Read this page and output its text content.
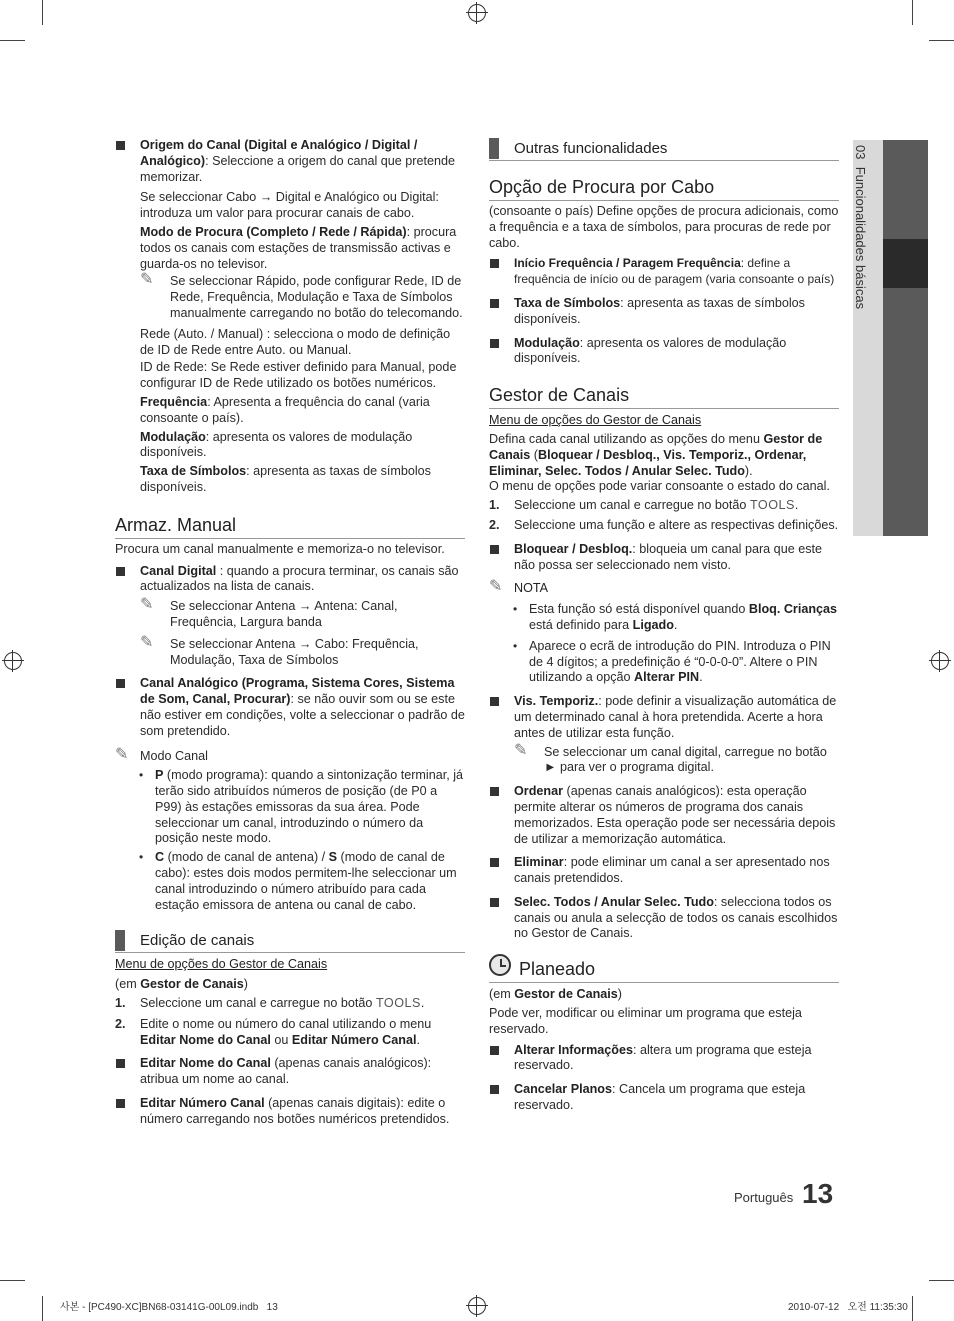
03  Funcionalidades básicas
Origem do Canal (Digital e Analógico / Digital / Analógico): Seleccione a origem do canal que pretende memorizar.

Se seleccionar Cabo → Digital e Analógico ou Digital: introduza um valor para procurar canais de cabo.

Modo de Procura (Completo / Rede / Rápida): procura todos os canais com estações de transmissão activas e guarda-os no televisor.

✎ Se seleccionar Rápido, pode configurar Rede, ID de Rede, Frequência, Modulação e Taxa de Símbolos manualmente carregando no botão do telecomando.

Rede (Auto. / Manual) : selecciona o modo de definição de ID de Rede entre Auto. ou Manual.

ID de Rede: Se Rede estiver definido para Manual, pode configurar ID de Rede utilizado os botões numéricos.

Frequência: Apresenta a frequência do canal (varia consoante o país).

Modulação: apresenta os valores de modulação disponíveis.

Taxa de Símbolos: apresenta as taxas de símbolos disponíveis.

Armaz. Manual

Procura um canal manualmente e memoriza-o no televisor.

Canal Digital : quando a procura terminar, os canais são actualizados na lista de canais.
✎ Se seleccionar Antena → Antena: Canal, Frequência, Largura banda
✎ Se seleccionar Antena → Cabo: Frequência, Modulação, Taxa de Símbolos
Canal Analógico (Programa, Sistema Cores, Sistema de Som, Canal, Procurar): se não ouvir som ou se este não estiver em condições, volte a seleccionar o padrão de som pretendido.
✎ Modo Canal
• P (modo programa): quando a sintonização terminar, já terão sido atribuídos números de posição (de P0 a P99) às estações emissoras da sua área. Pode seleccionar um canal, introduzindo o número da posição neste modo.
• C (modo de canal de antena) / S (modo de canal de cabo): estes dois modos permitem-lhe seleccionar um canal introduzindo o número atribuído para cada estação emissora de antena ou canal de cabo.
Edição de canais

Menu de opções do Gestor de Canais

(em Gestor de Canais)

1. Seleccione um canal e carregue no botão TOOLS.
2. Edite o nome ou número do canal utilizando o menu Editar Nome do Canal ou Editar Número Canal.
Editar Nome do Canal (apenas canais analógicos): atribua um nome ao canal.
Editar Número Canal (apenas canais digitais): edite o número carregando nos botões numéricos pretendidos.
Outras funcionalidades
Opção de Procura por Cabo

(consoante o país) Define opções de procura adicionais, como a frequência e a taxa de símbolos, para procuras de rede por cabo.

Início Frequência / Paragem Frequência: define a frequência de início ou de paragem (varia consoante o país)
Taxa de Símbolos: apresenta as taxas de símbolos disponíveis.
Modulação: apresenta os valores de modulação disponíveis.
Gestor de Canais

Menu de opções do Gestor de Canais

Defina cada canal utilizando as opções do menu Gestor de Canais (Bloquear / Desbloq., Vis. Temporiz., Ordenar, Eliminar, Selec. Todos / Anular Selec. Tudo).

O menu de opções pode variar consoante o estado do canal.

1. Seleccione um canal e carregue no botão TOOLS.
2. Seleccione uma função e altere as respectivas definições.
Bloquear / Desbloq.: bloqueia um canal para que este não possa ser seleccionado nem visto.
✎ NOTA
• Esta função só está disponível quando Bloq. Crianças está definido para Ligado.
• Aparece o ecrã de introdução do PIN. Introduza o PIN de 4 dígitos; a predefinição é “0-0-0-0”. Altere o PIN utilizando a opção Alterar PIN.
Vis. Temporiz.: pode definir a visualização automática de um determinado canal à hora pretendida. Acerte a hora antes de utilizar esta função.
✎ Se seleccionar um canal digital, carregue no botão ► para ver o programa digital.
Ordenar (apenas canais analógicos): esta operação permite alterar os números de programa dos canais memorizados. Esta operação pode ser necessária depois de utilizar a memorização automática.
Eliminar: pode eliminar um canal a ser apresentado nos canais pretendidos.
Selec. Todos / Anular Selec. Tudo: selecciona todos os canais ou anula a selecção de todos os canais escolhidos no Gestor de Canais.
Planeado

(em Gestor de Canais)

Pode ver, modificar ou eliminar um programa que esteja reservado.

Alterar Informações: altera um programa que esteja reservado.
Cancelar Planos: Cancela um programa que esteja reservado.
Português 13
사본 - [PC490-XC]BN68-03141G-00L09.indb   13	2010-07-12   오전 11:35:30
